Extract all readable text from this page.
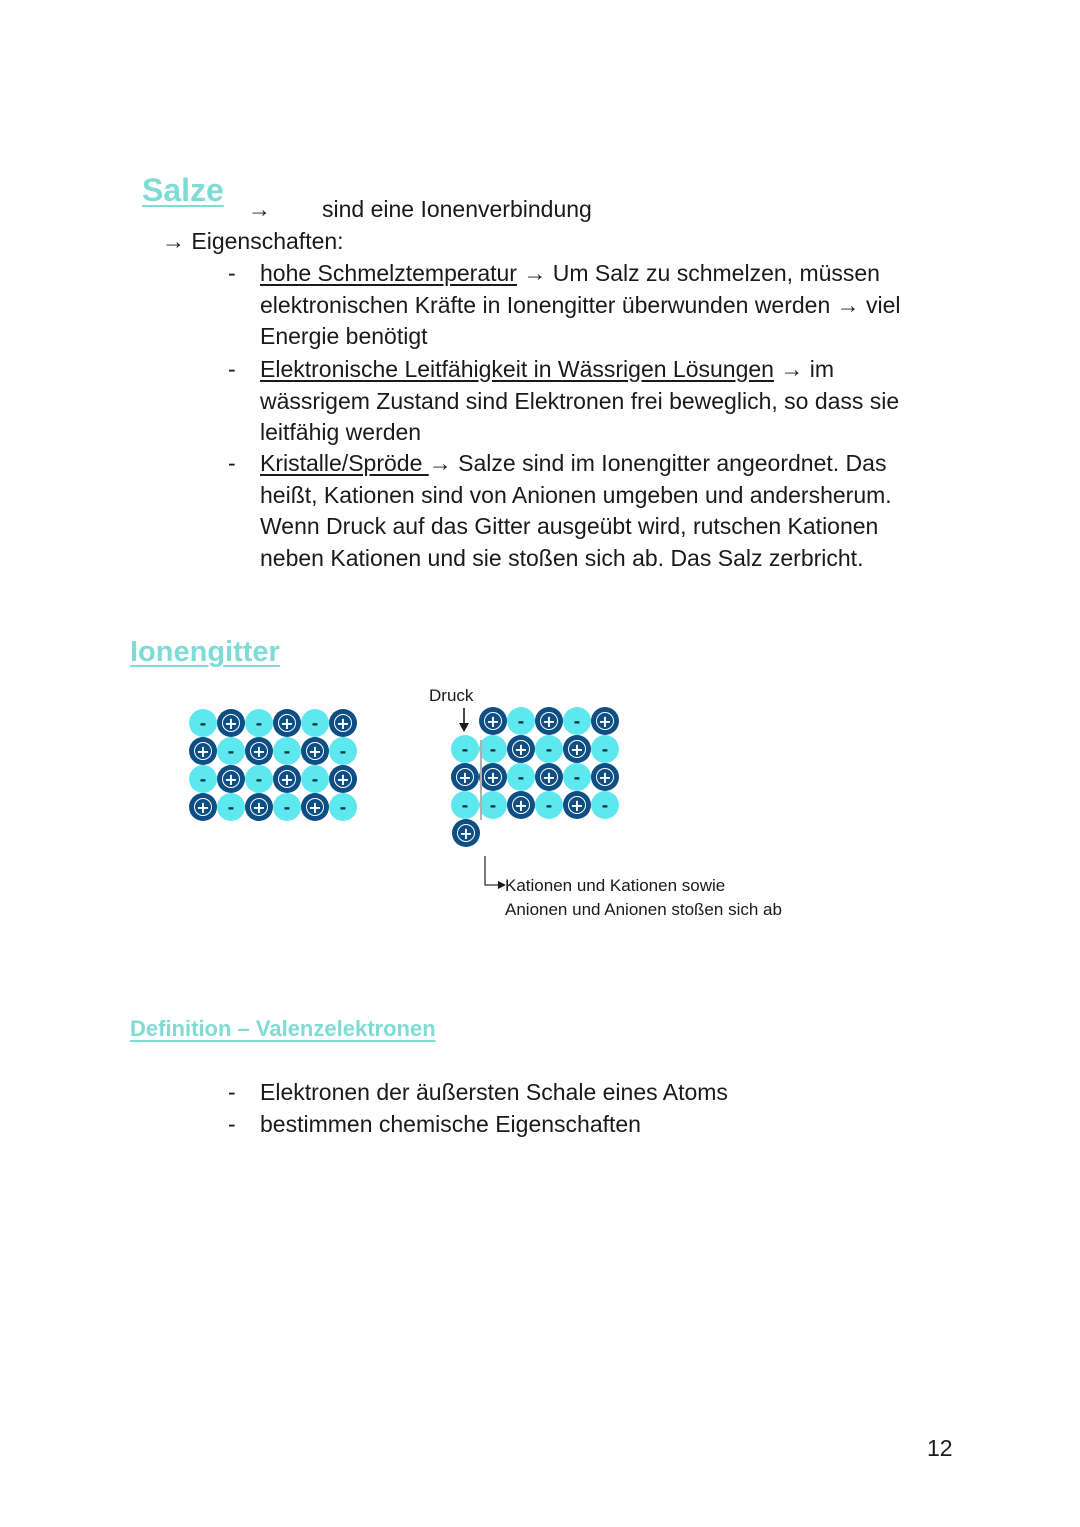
Salze
→ sind eine Ionenverbindung
→ Eigenschaften:
- hohe Schmelztemperatur → Um Salz zu schmelzen, müssen
elektronischen Kräfte in Ionengitter überwunden werden → viel
Energie benötigt
- Elektronische Leitfähigkeit in Wässrigen Lösungen → im
wässrigem Zustand sind Elektronen frei beweglich, so dass sie
leitfähig werden
- Kristalle/Spröde → Salze sind im Ionengitter angeordnet. Das
heißt, Kationen sind von Anionen umgeben und andersherum.
Wenn Druck auf das Gitter ausgeübt wird, rutschen Kationen
neben Kationen und sie stoßen sich ab. Das Salz zerbricht.
Ionengitter
- + - + - +
+ - + - + -
- + - + - +
+ - + - + -
+ - + - +
- - + - + -
+ + - + - +
- - + - + -
+
Druck
Kationen und Kationen sowie
Anionen und Anionen stoßen sich ab
Definition – Valenzelektronen
- Elektronen der äußersten Schale eines Atoms
- bestimmen chemische Eigenschaften
12
